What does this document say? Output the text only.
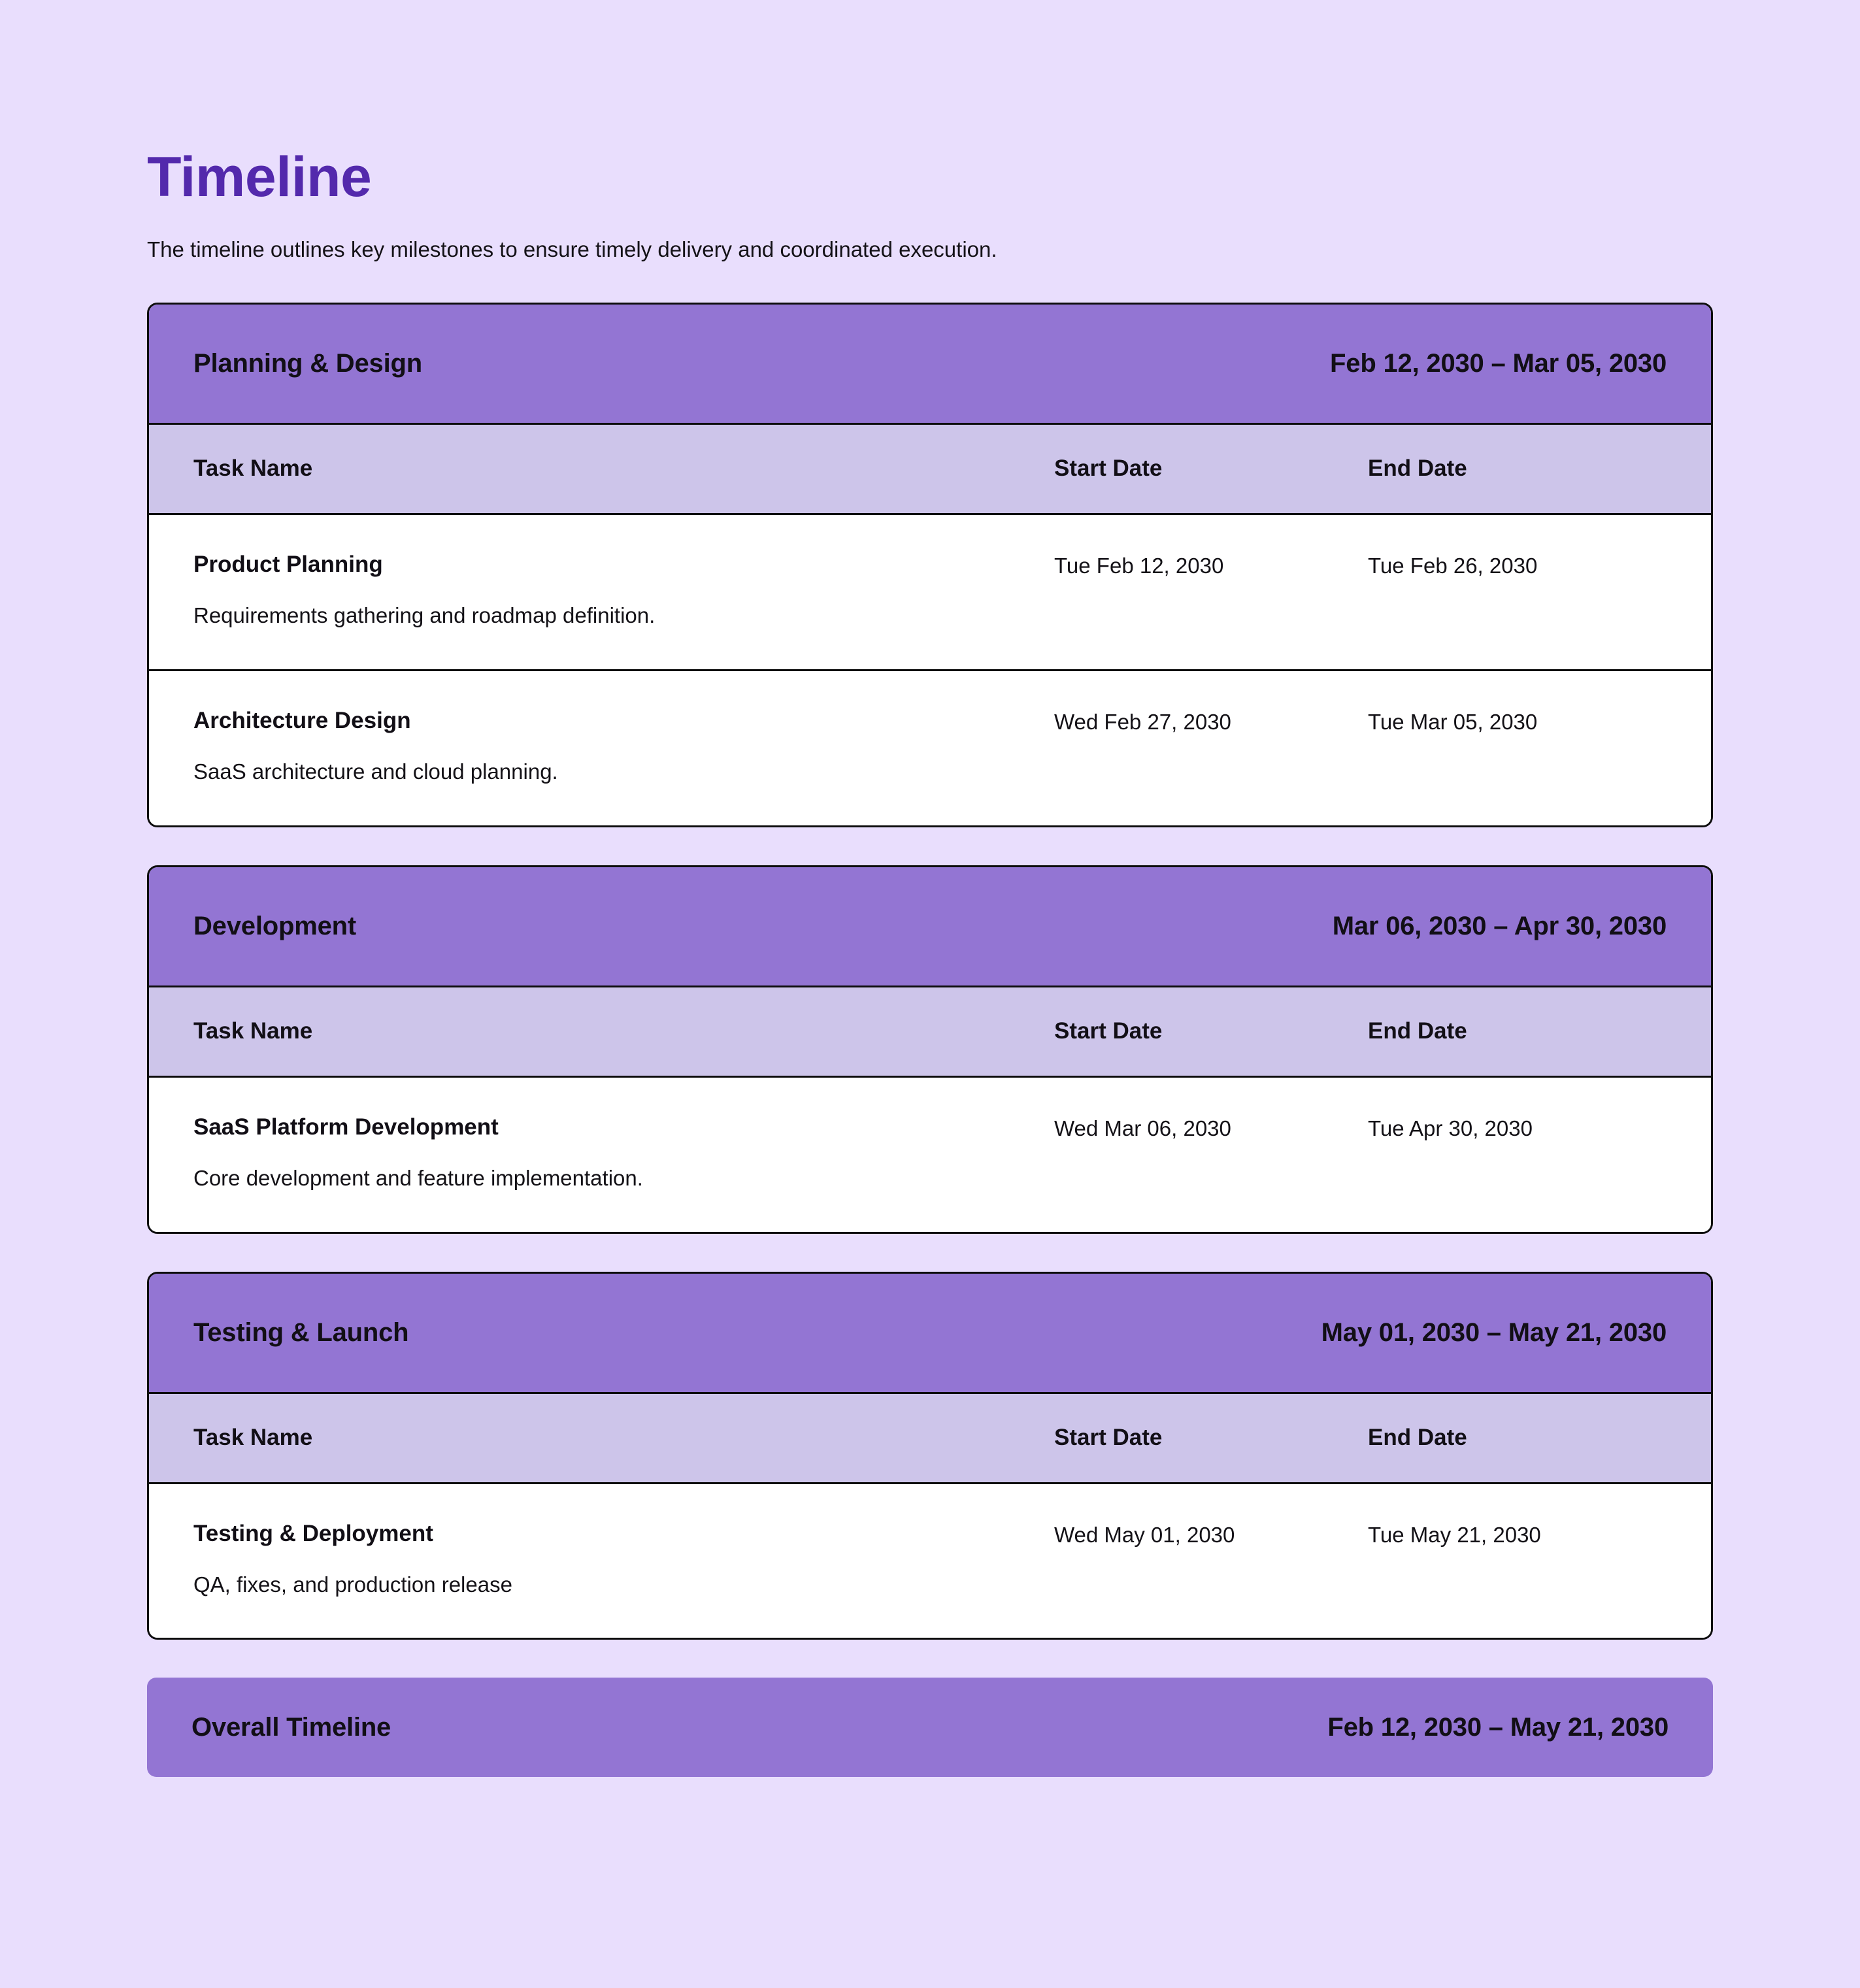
Timeline

The timeline outlines key milestones to ensure timely delivery and coordinated execution.

Planning & Design	Feb 12, 2030 – Mar 05, 2030
Task Name	Start Date	End Date
Product Planning
Requirements gathering and roadmap definition.
Tue Feb 12, 2030	Tue Feb 26, 2030
Architecture Design
SaaS architecture and cloud planning.
Wed Feb 27, 2030	Tue Mar 05, 2030
Development	Mar 06, 2030 – Apr 30, 2030
Task Name	Start Date	End Date
SaaS Platform Development
Core development and feature implementation.
Wed Mar 06, 2030	Tue Apr 30, 2030
Testing & Launch	May 01, 2030 – May 21, 2030
Task Name	Start Date	End Date
Testing & Deployment
QA, fixes, and production release
Wed May 01, 2030	Tue May 21, 2030
Overall Timeline	Feb 12, 2030 – May 21, 2030
